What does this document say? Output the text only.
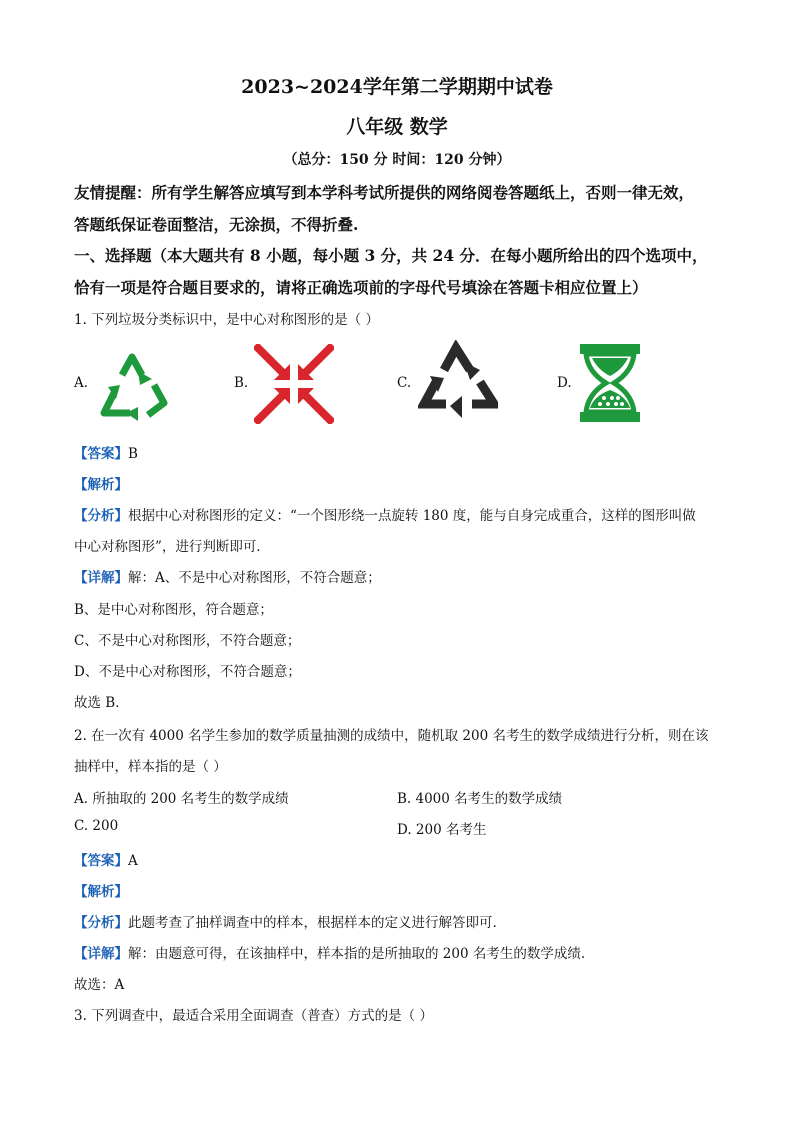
2023~2024学年第二学期期中试卷
八年级 数学
（总分：150 分 时间：120 分钟）
友情提醒：所有学生解答应填写到本学科考试所提供的网络阅卷答题纸上，否则一律无效，
答题纸保证卷面整洁，无涂损，不得折叠.
一、选择题（本大题共有 8 小题，每小题 3 分，共 24 分．在每小题所给出的四个选项中，
恰有一项是符合题目要求的，请将正确选项前的字母代号填涂在答题卡相应位置上）
1. 下列垃圾分类标识中，是中心对称图形的是（ ）
A.	B.	C.	D.
【答案】B
【解析】
【分析】根据中心对称图形的定义：“一个图形绕一点旋转 180 度，能与自身完成重合，这样的图形叫做
中心对称图形”，进行判断即可．
【详解】解：A、不是中心对称图形，不符合题意；
B、是中心对称图形，符合题意；
C、不是中心对称图形，不符合题意；
D、不是中心对称图形，不符合题意；
故选 B．
2. 在一次有 4000 名学生参加的数学质量抽测的成绩中，随机取 200 名考生的数学成绩进行分析，则在该
抽样中，样本指的是（ ）
A. 所抽取的 200 名考生的数学成绩	B. 4000 名考生的数学成绩
C. 200	D. 200 名考生
【答案】A
【解析】
【分析】此题考查了抽样调查中的样本，根据样本的定义进行解答即可.
【详解】解：由题意可得，在该抽样中，样本指的是所抽取的 200 名考生的数学成绩.
故选：A
3. 下列调查中，最适合采用全面调查（普查）方式的是（ ）
